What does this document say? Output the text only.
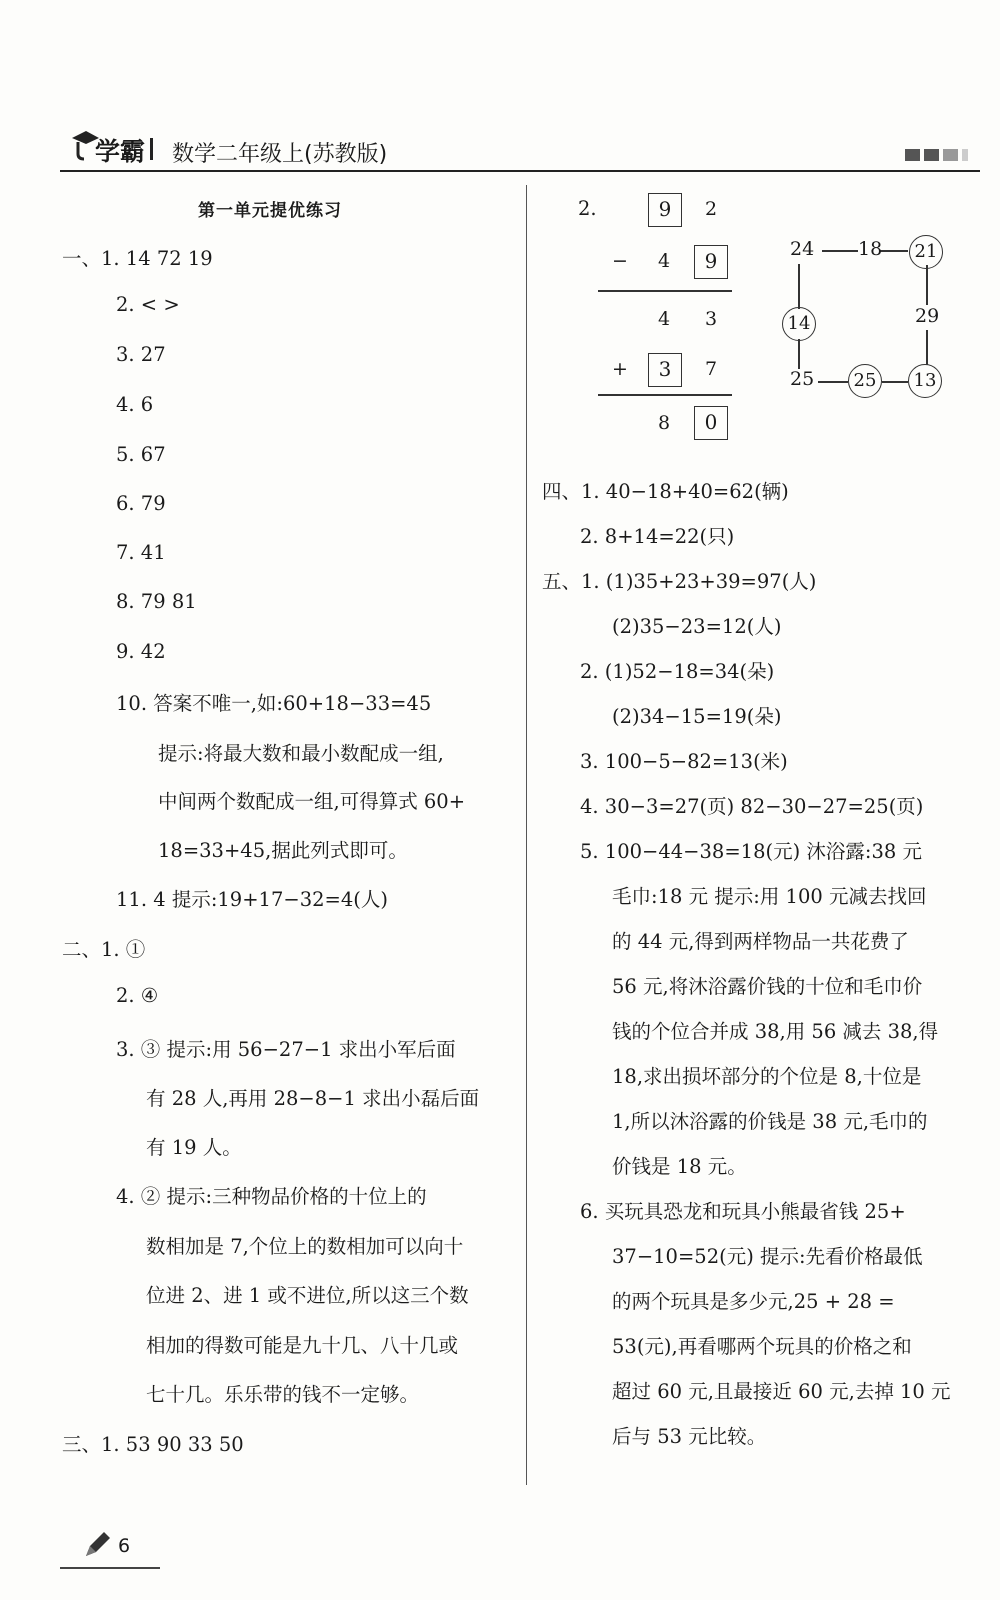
学霸 数学二年级上(苏教版)
第一单元提优练习
一、1. 14 72 19
2. < >
3. 27
4. 6
5. 67
6. 79
7. 41
8. 79 81
9. 42
10. 答案不唯一,如:60+18−33=45
提示:将最大数和最小数配成一组,
中间两个数配成一组,可得算式 60+
18=33+45,据此列式即可。
11. 4 提示:19+17−32=4(人)
二、1. ①
2. ④
3. ③ 提示:用 56−27−1 求出小军后面
有 28 人,再用 28−8−1 求出小磊后面
有 19 人。
4. ② 提示:三种物品价格的十位上的
数相加是 7,个位上的数相加可以向十
位进 2、进 1 或不进位,所以这三个数
相加的得数可能是九十几、八十几或
七十几。乐乐带的钱不一定够。
三、1. 53 90 33 50
2.	9	2
− 4	9
4 3
+	3	7
8	0
24 18	21
14	29
25	25	13
四、1. 40−18+40=62(辆)
2. 8+14=22(只)
五、1. (1)35+23+39=97(人)
(2)35−23=12(人)
2. (1)52−18=34(朵)
(2)34−15=19(朵)
3. 100−5−82=13(米)
4. 30−3=27(页) 82−30−27=25(页)
5. 100−44−38=18(元) 沐浴露:38 元
毛巾:18 元 提示:用 100 元减去找回
的 44 元,得到两样物品一共花费了
56 元,将沐浴露价钱的十位和毛巾价
钱的个位合并成 38,用 56 减去 38,得
18,求出损坏部分的个位是 8,十位是
1,所以沐浴露的价钱是 38 元,毛巾的
价钱是 18 元。
6. 买玩具恐龙和玩具小熊最省钱 25+
37−10=52(元) 提示:先看价格最低
的两个玩具是多少元,25 + 28 =
53(元),再看哪两个玩具的价格之和
超过 60 元,且最接近 60 元,去掉 10 元
后与 53 元比较。
6
